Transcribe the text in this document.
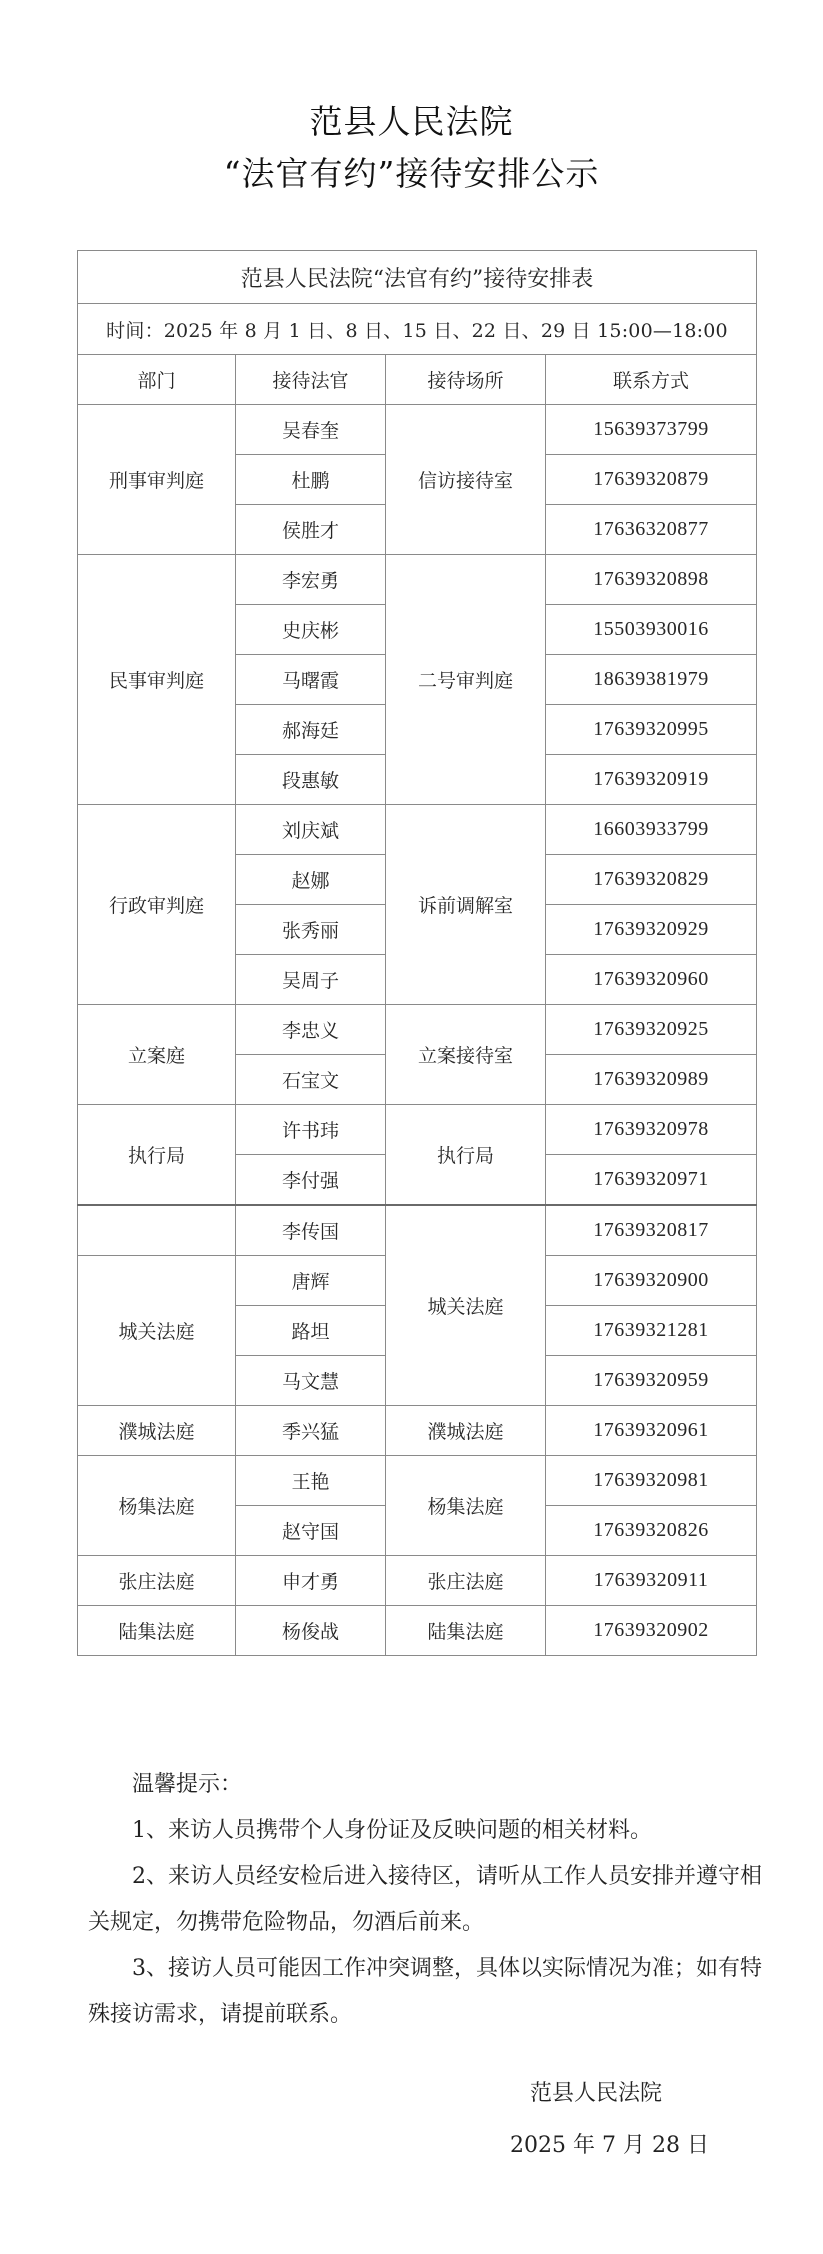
范县人民法院
“法官有约”接待安排公示
范县人民法院“法官有约”接待安排表			
时间：2025 年 8 月 1 日、8 日、15 日、22 日、29 日 15:00—18:00			
部门	接待法官	接待场所	联系方式
刑事审判庭	吴春奎	信访接待室	15639373799
	杜鹏		17639320879
	侯胜才		17636320877
民事审判庭	李宏勇	二号审判庭	17639320898
	史庆彬		15503930016
	马曙霞		18639381979
	郝海廷		17639320995
	段惠敏		17639320919
行政审判庭	刘庆斌	诉前调解室	16603933799
	赵娜		17639320829
	张秀丽		17639320929
	吴周子		17639320960
立案庭	李忠义	立案接待室	17639320925
	石宝文		17639320989
执行局	许书玮	执行局	17639320978
	李付强		17639320971
	李传国	城关法庭	17639320817
城关法庭	唐辉		17639320900
	路坦		17639321281
	马文慧		17639320959
濮城法庭	季兴猛	濮城法庭	17639320961
杨集法庭	王艳	杨集法庭	17639320981
	赵守国		17639320826
张庄法庭	申才勇	张庄法庭	17639320911
陆集法庭	杨俊战	陆集法庭	17639320902

温馨提示：

1、来访人员携带个人身份证及反映问题的相关材料。

2、来访人员经安检后进入接待区，请听从工作人员安排并遵守相关规定，勿携带危险物品，勿酒后前来。

3、接访人员可能因工作冲突调整，具体以实际情况为准；如有特殊接访需求，请提前联系。

范县人民法院
2025 年 7 月 28 日
